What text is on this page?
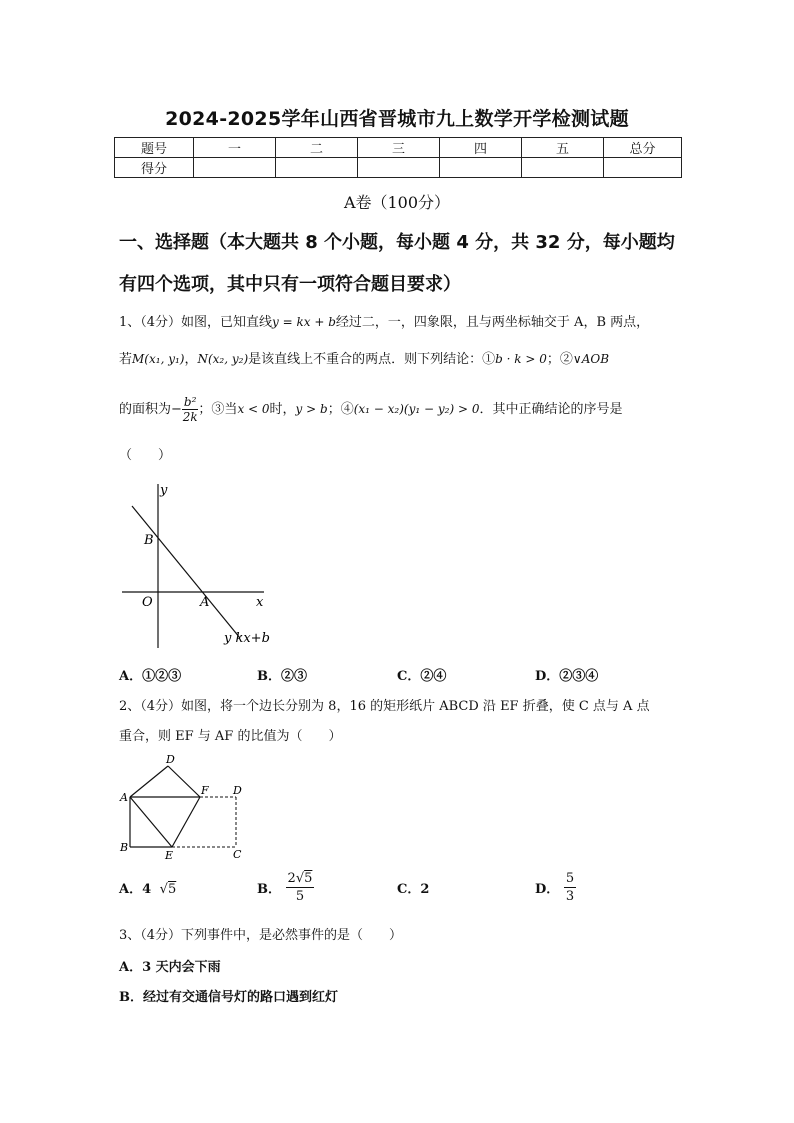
2024-2025学年山西省晋城市九上数学开学检测试题
题号	一	二	三	四	五	总分
得分						
A卷（100分）
一、选择题（本大题共 8 个小题，每小题 4 分，共 32 分，每小题均
有四个选项，其中只有一项符合题目要求）
1、（4分）如图，已知直线y = kx + b经过二，一，四象限，且与两坐标轴交于 A，B 两点，
若M(x₁, y₁)，N(x₂, y₂)是该直线上不重合的两点．则下列结论：①b · k > 0；②∨AOB
的面积为− $\frac{\text{b²}}{2k}$ ；③当x < 0时，y > b；④(x₁ − x₂)(y₁ − y₂) > 0．其中正确结论的序号是
（　　）
y
x
O	A
B
y kx+b
A．①②③	B．②③	C．②④	D．②③④
2、（4分）如图，将一个边长分别为 8，16 的矩形纸片 ABCD 沿 EF 折叠，使 C 点与 A 点
重合，则 EF 与 AF 的比值为（　　）
A
B
C
D
E
F
D
A．4 √5	B． $\frac{2√5}{5}$	C．2	D． $\frac{5}{3}$
3、（4分）下列事件中，是必然事件的是（　　）
A．3 天内会下雨
B．经过有交通信号灯的路口遇到红灯
